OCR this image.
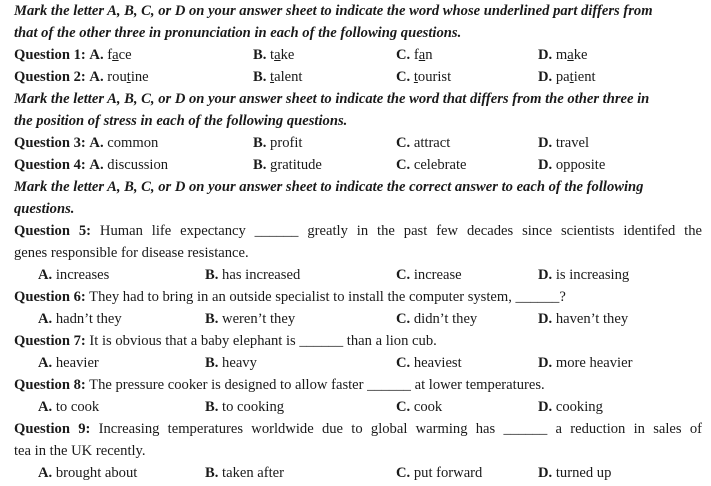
Mark the letter A, B, C, or D on your answer sheet to indicate the word whose underlined part differs from
that of the other three in pronunciation in each of the following questions.
Question 1: A. face	B. take	C. fan	D. make
Question 2: A. routine	B. talent	C. tourist	D. patient
Mark the letter A, B, C, or D on your answer sheet to indicate the word that differs from the other three in
the position of stress in each of the following questions.
Question 3: A. common	B. profit	C. attract	D. travel
Question 4: A. discussion	B. gratitude	C. celebrate	D. opposite
Mark the letter A, B, C, or D on your answer sheet to indicate the correct answer to each of the following
questions.
Question 5: Human life expectancy ______ greatly in the past few decades since scientists identifed the
genes responsible for disease resistance.
A. increases	B. has increased	C. increase	D. is increasing
Question 6: They had to bring in an outside specialist to install the computer system, ______?
A. hadn’t they	B. weren’t they	C. didn’t they	D. haven’t they
Question 7: It is obvious that a baby elephant is ______ than a lion cub.
A. heavier	B. heavy	C. heaviest	D. more heavier
Question 8: The pressure cooker is designed to allow faster ______ at lower temperatures.
A. to cook	B. to cooking	C. cook	D. cooking
Question 9: Increasing temperatures worldwide due to global warming has ______ a reduction in sales of
tea in the UK recently.
A. brought about	B. taken after	C. put forward	D. turned up
